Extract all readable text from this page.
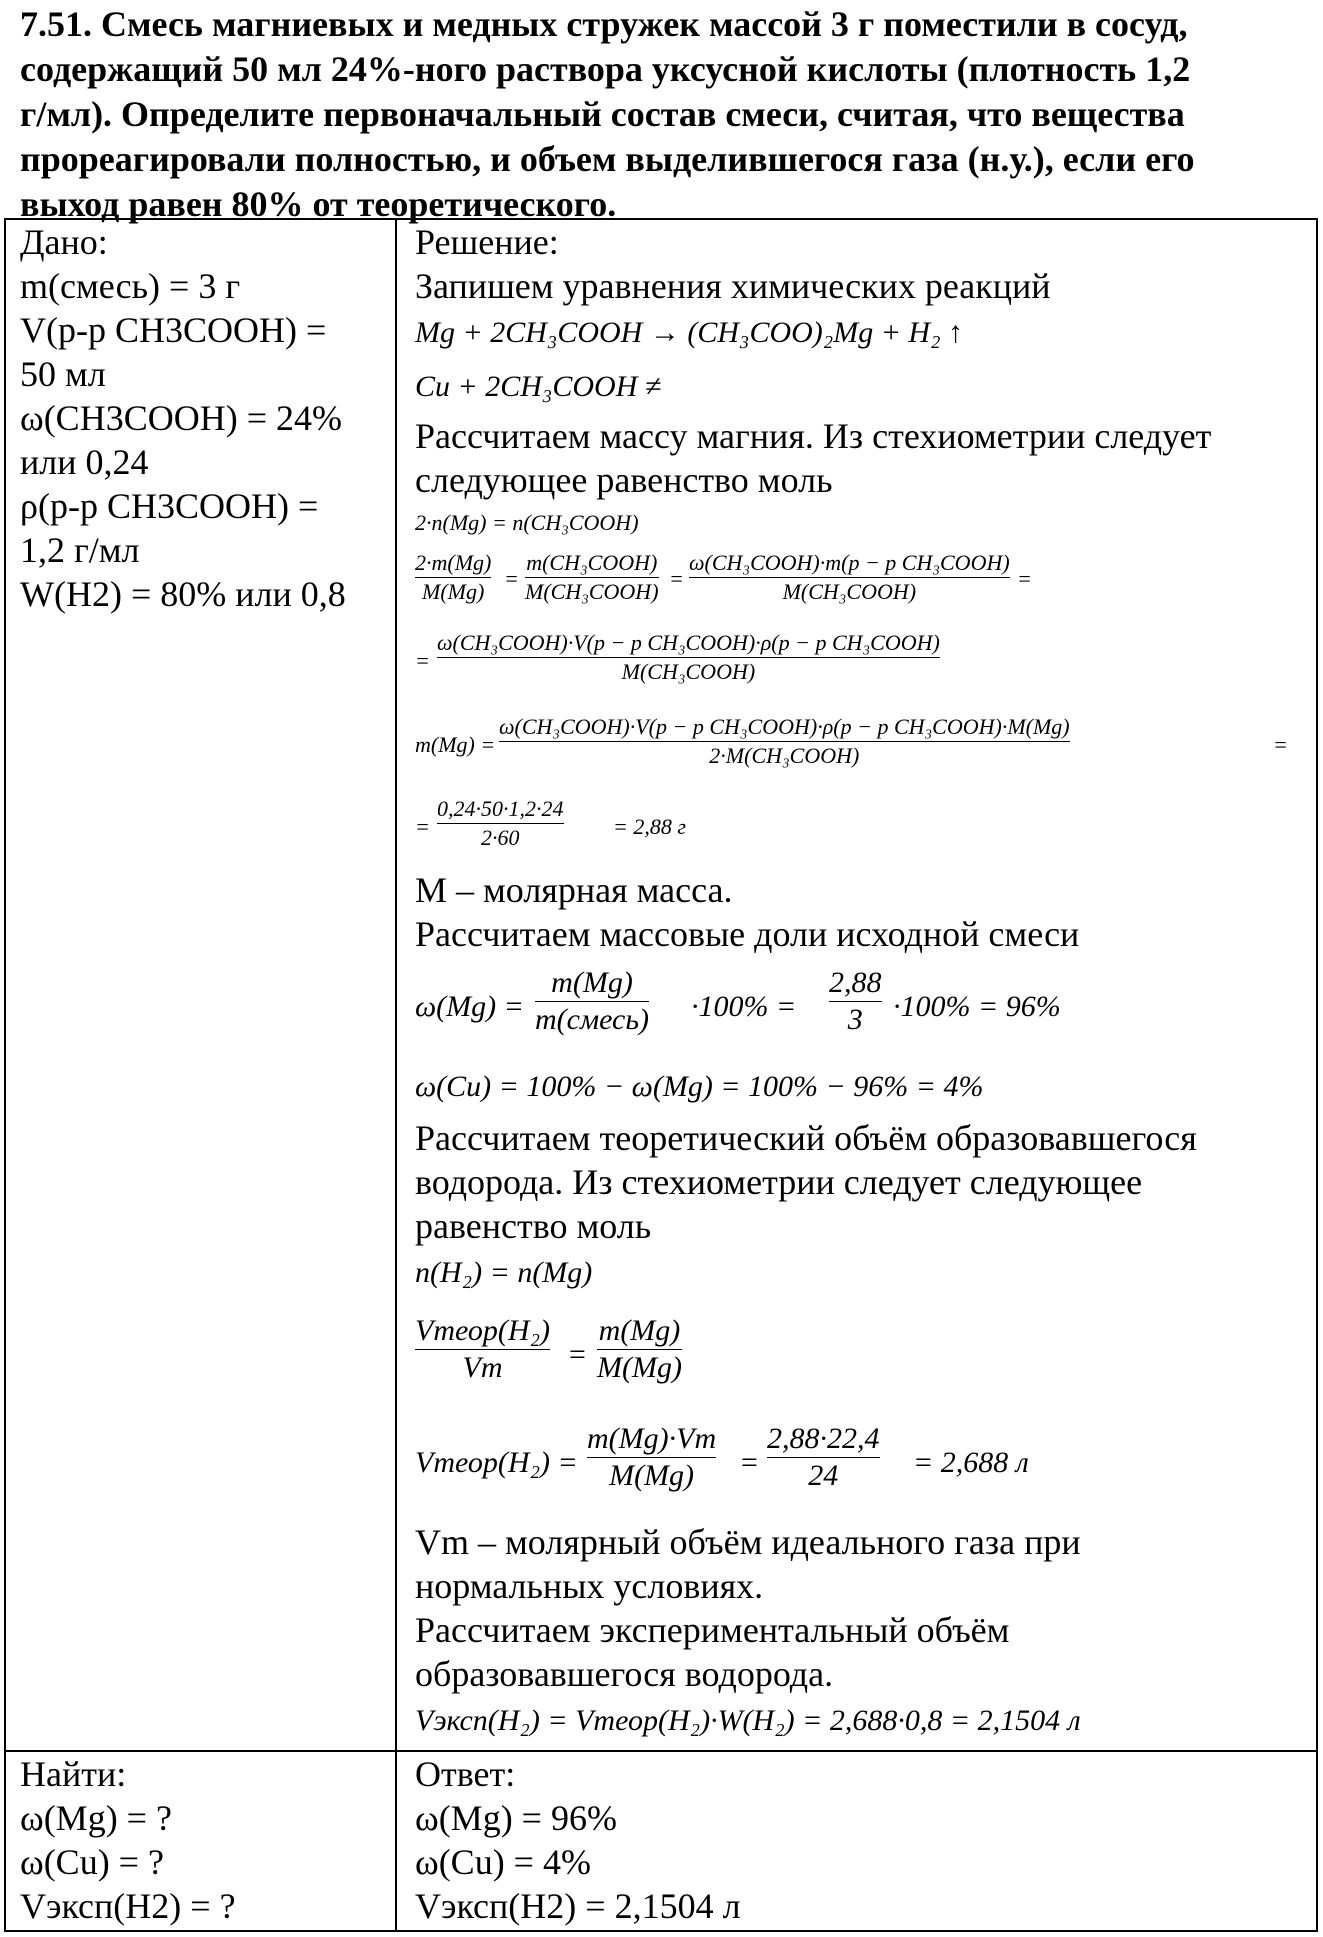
7.51. Смесь магниевых и медных стружек массой 3 г поместили в сосуд,
содержащий 50 мл 24%-ного раствора уксусной кислоты (плотность 1,2
г/мл). Определите первоначальный состав смеси, считая, что вещества
прореагировали полностью, и объем выделившегося газа (н.у.), если его
выход равен 80% от теоретического.
Дано:
m(смесь) = 3 г
V(р-р CH3COOH) =
50 мл
ω(CH3COOH) = 24%
или 0,24
ρ(р-р CH3COOH) =
1,2 г/мл
W(H2) = 80% или 0,8
Решение:
Запишем уравнения химических реакций
Mg + 2CH₃COOH → (CH₃COO)₂Mg + H₂ ↑
Cu + 2CH₃COOH ≠
Рассчитаем массу магния. Из стехиометрии следует
следующее равенство моль
2·n(Mg) = n(CH₃COOH)
2·m(Mg)
M(Mg)
=
m(CH₃COOH)
M(CH₃COOH)
=
ω(CH₃COOH)·m(p − p CH₃COOH)
M(CH₃COOH)
=
=
ω(CH₃COOH)·V(p − p CH₃COOH)·ρ(p − p CH₃COOH)
M(CH₃COOH)
m(Mg) =
ω(CH₃COOH)·V(p − p CH₃COOH)·ρ(p − p CH₃COOH)·M(Mg)
2·M(CH₃COOH)	=
=
0,24·50·1,2·24
2·60	= 2,88 г
M – молярная масса.
Рассчитаем массовые доли исходной смеси
ω(Mg) =
m(Mg)
m(смесь) ·100% =
2,88
3	·100% = 96%
ω(Cu) = 100% − ω(Mg) = 100% − 96% = 4%
Рассчитаем теоретический объём образовавшегося
водорода. Из стехиометрии следует следующее
равенство моль
n(H₂) = n(Mg)
Vтеор(H₂)
Vm	=
m(Mg)
M(Mg)
Vтеор(H₂) =
m(Mg)·Vm
M(Mg)	=
2,88·22,4
24	= 2,688 л
Vm – молярный объём идеального газа при
нормальных условиях.
Рассчитаем экспериментальный объём
образовавшегося водорода.
Vэксп(H₂) = Vтеор(H₂)·W(H₂) = 2,688·0,8 = 2,1504 л
Найти:
ω(Mg) = ?
ω(Cu) = ?
Vэксп(H2) = ?
Ответ:
ω(Mg) = 96%
ω(Cu) = 4%
Vэксп(H2) = 2,1504 л
